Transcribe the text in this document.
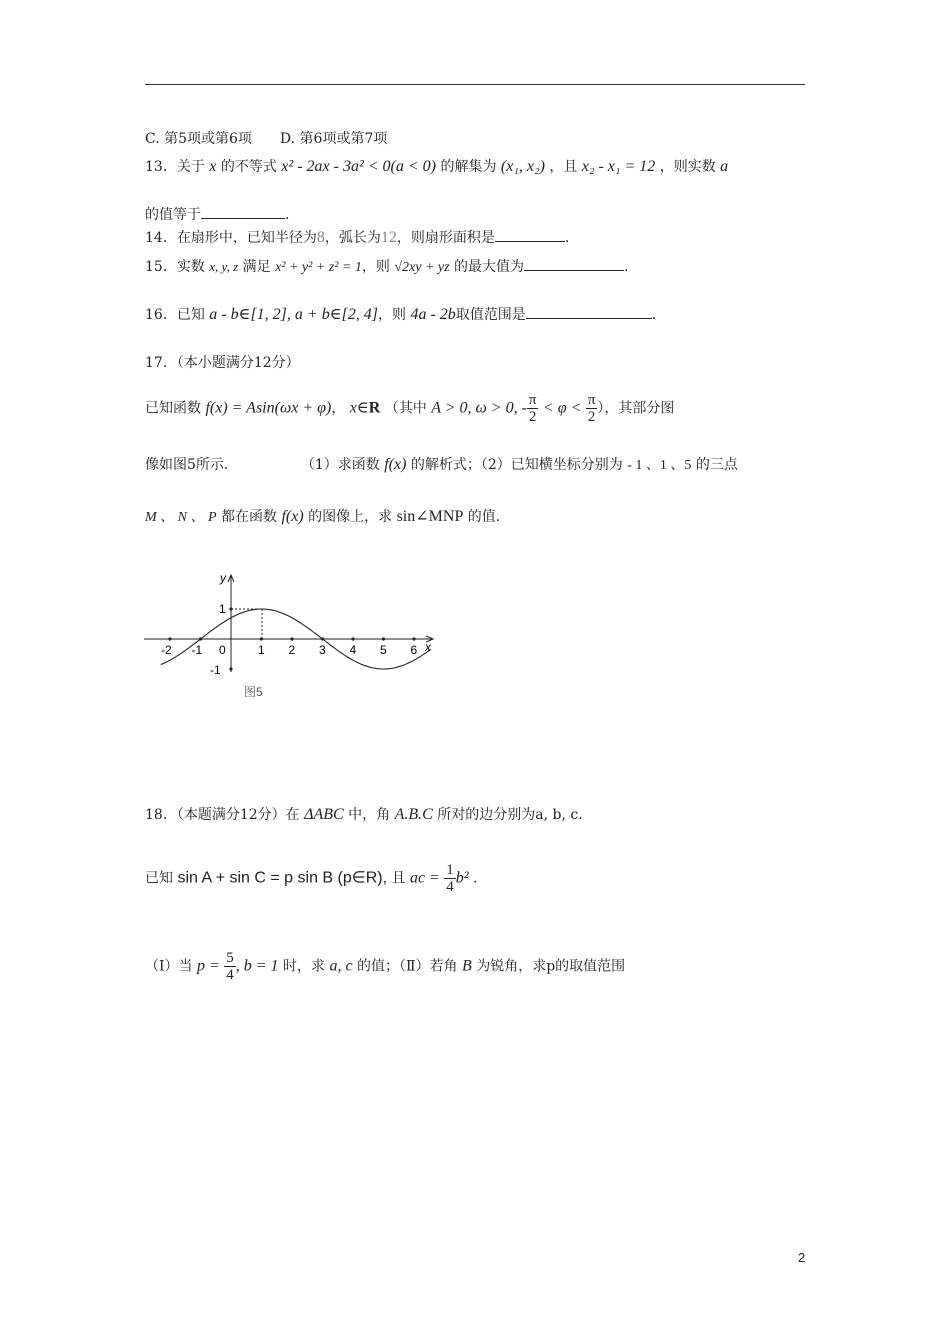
C. 第5项或第6项　　D. 第6项或第7项
13．关于 x 的不等式 x² - 2ax - 3a² < 0(a < 0) 的解集为 (x₁, x₂) ，且 x₂ - x₁ = 12 ，则实数 a
的值等于	.
14．在扇形中，已知半径为8，弧长为12，则扇形面积是	.
15．实数 x, y, z 满足 x² + y² + z² = 1，则 √2xy + yz 的最大值为	.
16．已知 a - b∈[1, 2], a + b∈[2, 4]，则 4a - 2b取值范围是	.
17．（本小题满分12分）
已知函数 f(x) = Asin(ωx + φ)， x∈R （其中 A > 0, ω > 0, - $\frac{\pi}{2} < \varphi < \frac{\pi}{2}$ ），其部分图
像如图5所示．	（1）求函数 f(x) 的解析式；（2）已知横坐标分别为 - 1 、1 、5 的三点
M 、 N 、 P 都在函数 f(x) 的图像上，求 sin∠MNP 的值．
-2 -1	1 2 3 4 5 6
y
x
0
1
-1
图5
18．（本题满分12分）在 ΔABC 中，角 A.B.C 所对的边分别为a, b, c．
已知 sin A + sin C = p sin B (p∈R), 且 ac = $\frac{1}{4} b^2$ .
（Ⅰ）当 $p = \frac{5}{4}$ , b = 1 时，求 a, c 的值；（Ⅱ）若角 B 为锐角，求p的取值范围
2
